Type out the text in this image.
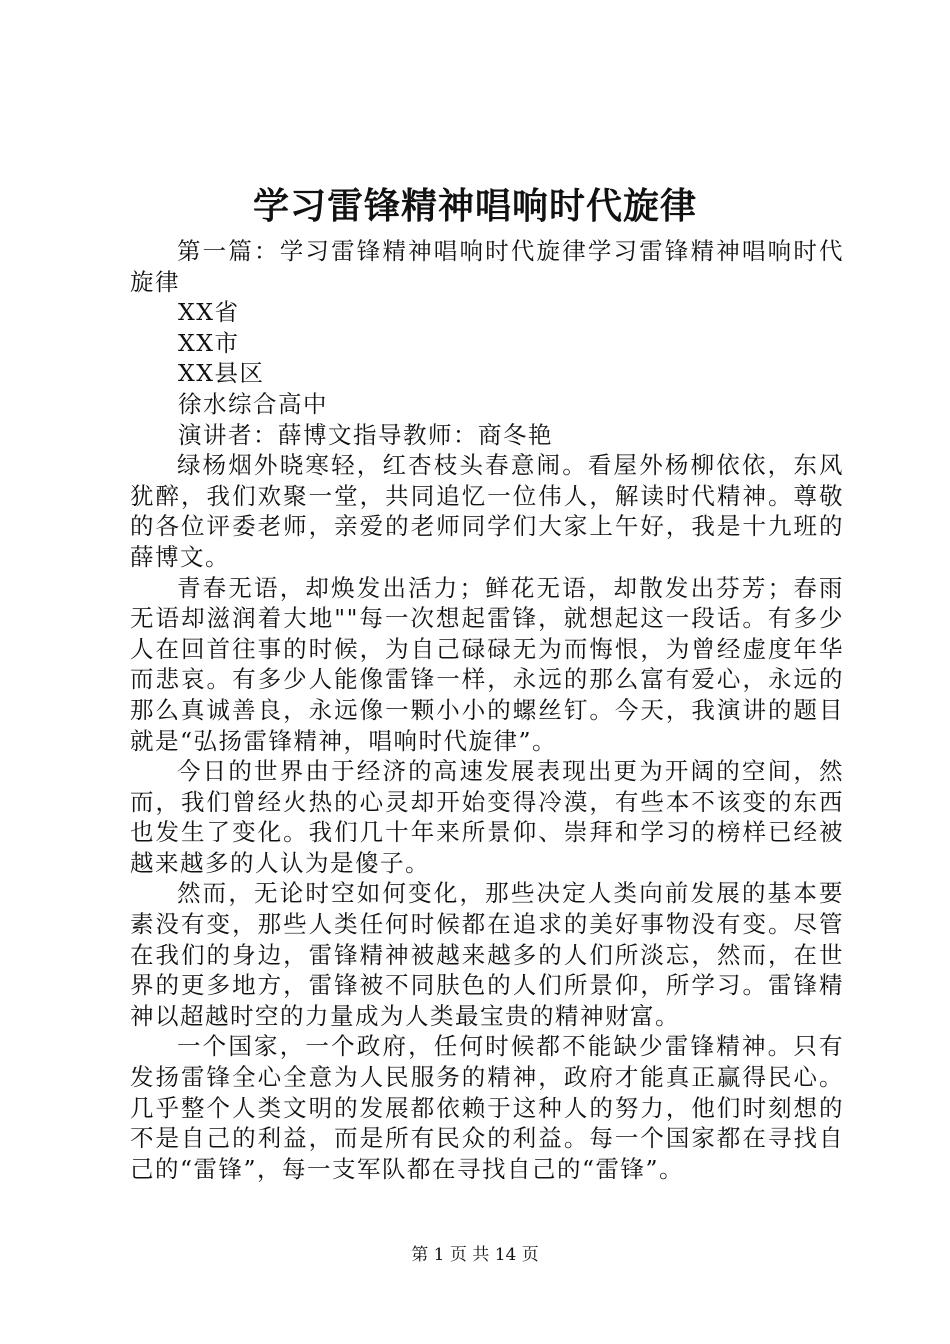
学习雷锋精神唱响时代旋律

第一篇：学习雷锋精神唱响时代旋律学习雷锋精神唱响时代旋律

XX省

XX市

XX县区

徐水综合高中

演讲者：薛博文指导教师：商冬艳

绿杨烟外晓寒轻，红杏枝头春意闹。看屋外杨柳依依，东风犹醉，我们欢聚一堂，共同追忆一位伟人，解读时代精神。尊敬的各位评委老师，亲爱的老师同学们大家上午好，我是十九班的薛博文。

青春无语，却焕发出活力；鲜花无语，却散发出芬芳；春雨无语却滋润着大地""每一次想起雷锋，就想起这一段话。有多少人在回首往事的时候，为自己碌碌无为而悔恨，为曾经虚度年华而悲哀。有多少人能像雷锋一样，永远的那么富有爱心，永远的那么真诚善良，永远像一颗小小的螺丝钉。今天，我演讲的题目就是“弘扬雷锋精神，唱响时代旋律”。

今日的世界由于经济的高速发展表现出更为开阔的空间，然而，我们曾经火热的心灵却开始变得冷漠，有些本不该变的东西也发生了变化。我们几十年来所景仰、崇拜和学习的榜样已经被越来越多的人认为是傻子。

然而，无论时空如何变化，那些决定人类向前发展的基本要素没有变，那些人类任何时候都在追求的美好事物没有变。尽管在我们的身边，雷锋精神被越来越多的人们所淡忘，然而，在世界的更多地方，雷锋被不同肤色的人们所景仰，所学习。雷锋精神以超越时空的力量成为人类最宝贵的精神财富。

一个国家，一个政府，任何时候都不能缺少雷锋精神。只有发扬雷锋全心全意为人民服务的精神，政府才能真正赢得民心。几乎整个人类文明的发展都依赖于这种人的努力，他们时刻想的不是自己的利益，而是所有民众的利益。每一个国家都在寻找自己的“雷锋”，每一支军队都在寻找自己的“雷锋”。

第 1 页 共 14 页
